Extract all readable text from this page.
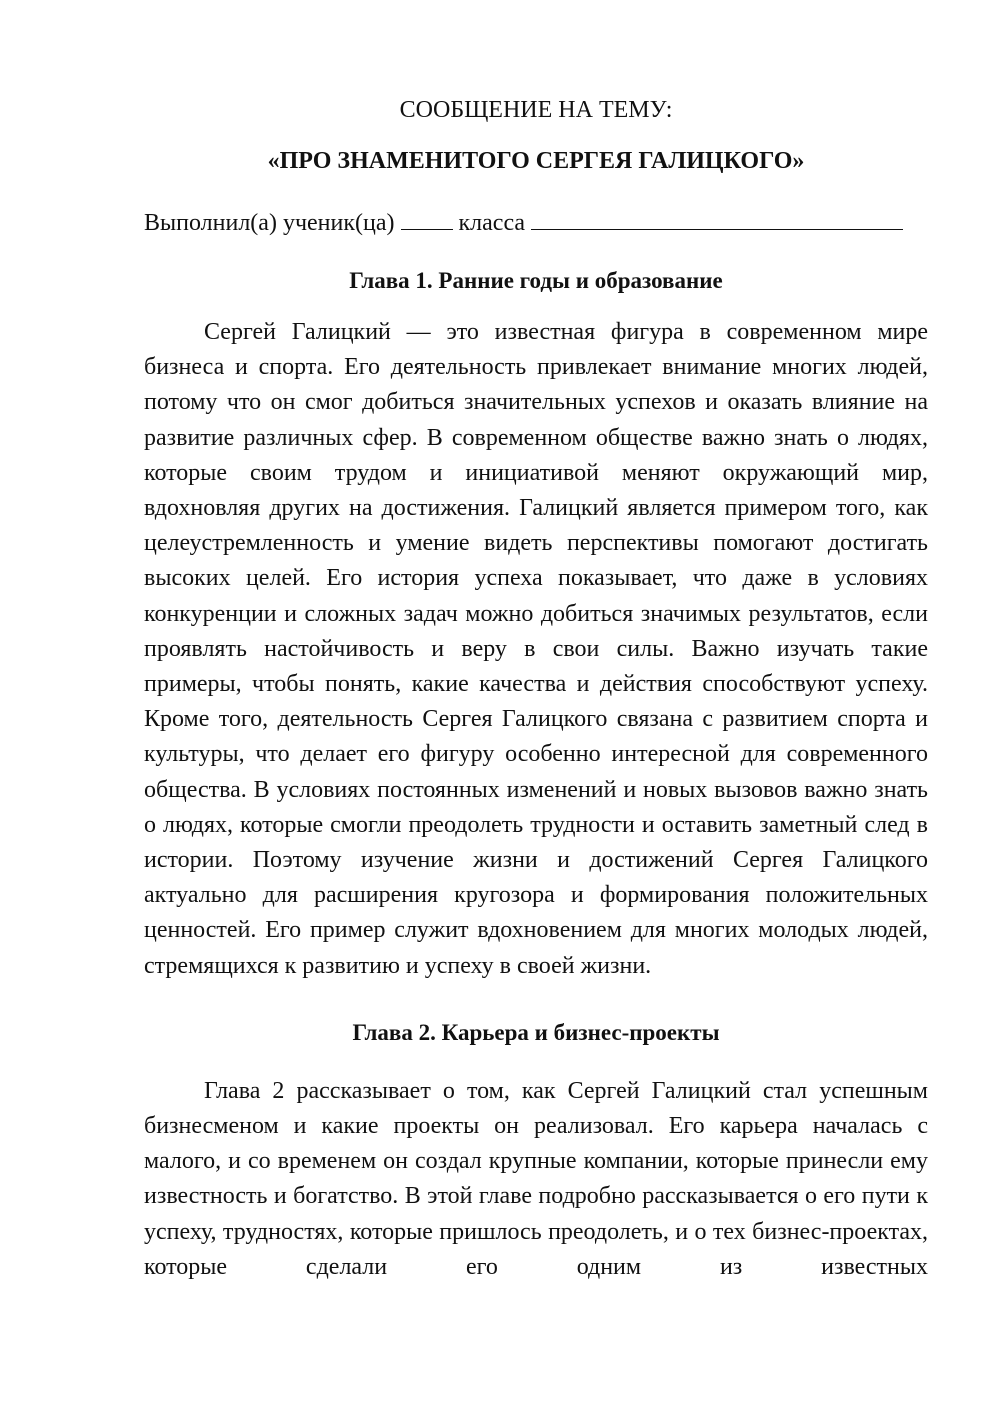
СООБЩЕНИЕ НА ТЕМУ:

«ПРО ЗНАМЕНИТОГО СЕРГЕЯ ГАЛИЦКОГО»

Выполнил(а) ученик(ца)	класса

Глава 1. Ранние годы и образование

Сергей Галицкий — это известная фигура в современном мире бизнеса и спорта. Его деятельность привлекает внимание многих людей, потому что он смог добиться значительных успехов и оказать влияние на развитие различных сфер. В современном обществе важно знать о людях, которые своим трудом и инициативой меняют окружающий мир, вдохновляя других на достижения. Галицкий является примером того, как целеустремленность и умение видеть перспективы помогают достигать высоких целей. Его история успеха показывает, что даже в условиях конкуренции и сложных задач можно добиться значимых результатов, если проявлять настойчивость и веру в свои силы. Важно изучать такие примеры, чтобы понять, какие качества и действия способствуют успеху. Кроме того, деятельность Сергея Галицкого связана с развитием спорта и культуры, что делает его фигуру особенно интересной для современного общества. В условиях постоянных изменений и новых вызовов важно знать о людях, которые смогли преодолеть трудности и оставить заметный след в истории. Поэтому изучение жизни и достижений Сергея Галицкого актуально для расширения кругозора и формирования положительных ценностей. Его пример служит вдохновением для многих молодых людей, стремящихся к развитию и успеху в своей жизни.

Глава 2. Карьера и бизнес-проекты

Глава 2 рассказывает о том, как Сергей Галицкий стал успешным бизнесменом и какие проекты он реализовал. Его карьера началась с малого, и со временем он создал крупные компании, которые принесли ему известность и богатство. В этой главе подробно рассказывается о его пути к успеху, трудностях, которые пришлось преодолеть, и о тех бизнес-проектах, которые сделали его одним из известных
